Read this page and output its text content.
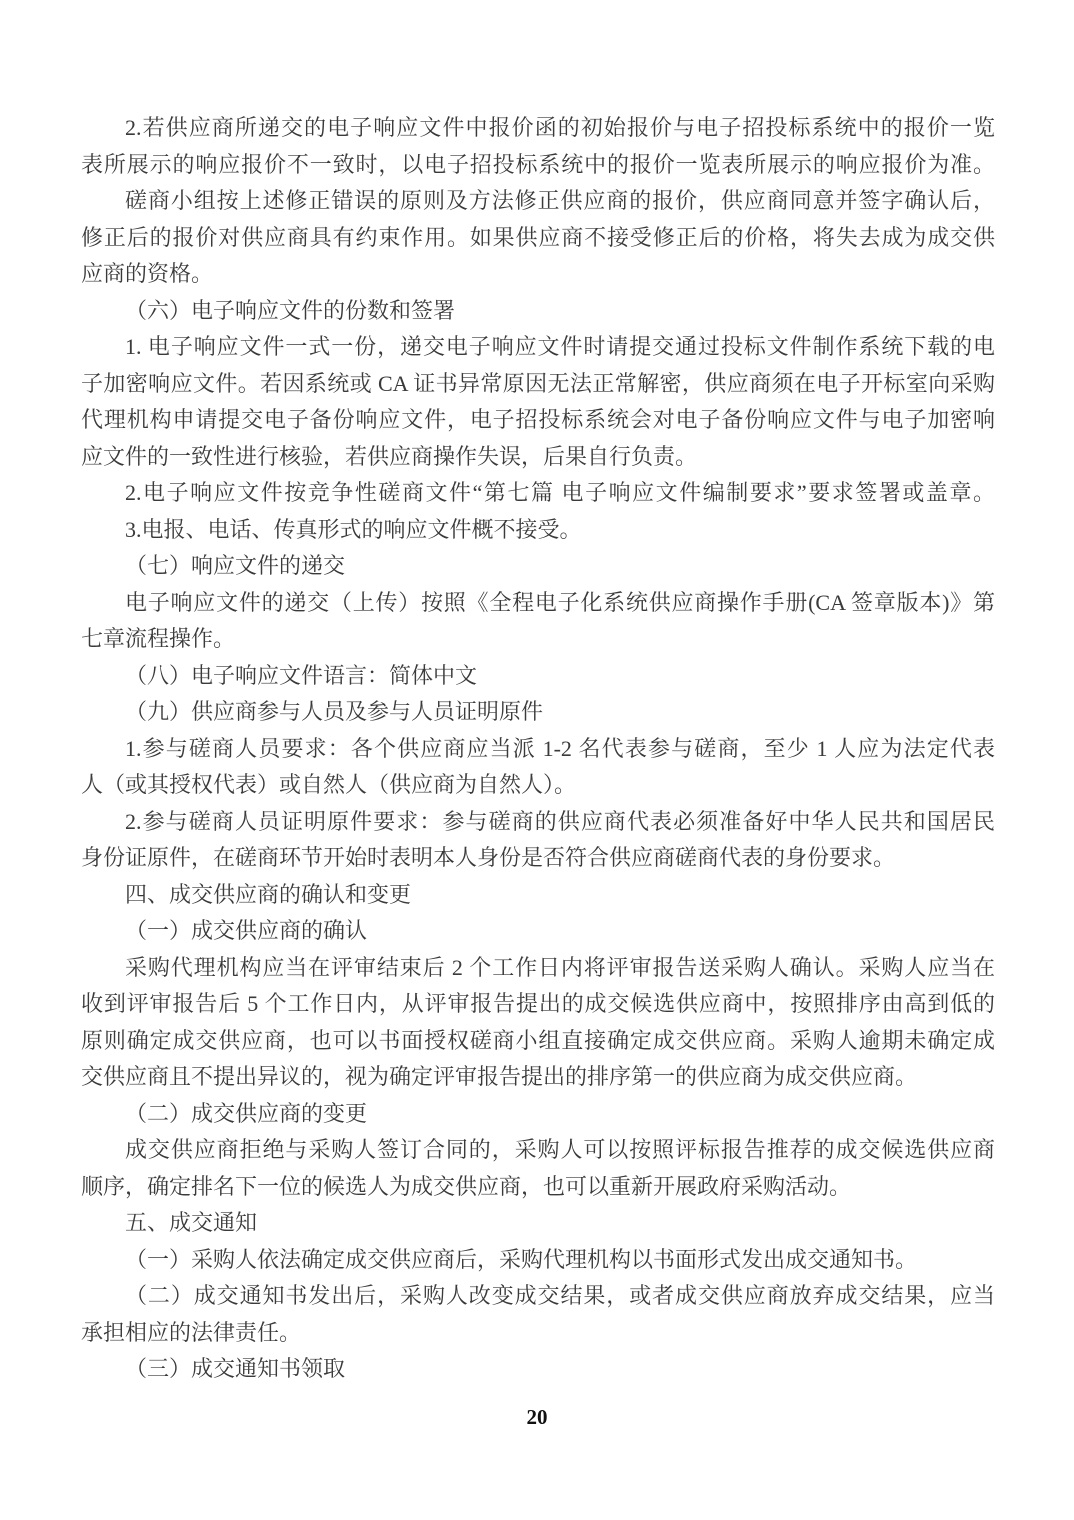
2.若供应商所递交的电子响应文件中报价函的初始报价与电子招投标系统中的报价一览
表所展示的响应报价不一致时，以电子招投标系统中的报价一览表所展示的响应报价为准。
磋商小组按上述修正错误的原则及方法修正供应商的报价，供应商同意并签字确认后，
修正后的报价对供应商具有约束作用。如果供应商不接受修正后的价格，将失去成为成交供
应商的资格。
（六）电子响应文件的份数和签署
1. 电子响应文件一式一份，递交电子响应文件时请提交通过投标文件制作系统下载的电
子加密响应文件。若因系统或 CA 证书异常原因无法正常解密，供应商须在电子开标室向采购
代理机构申请提交电子备份响应文件，电子招投标系统会对电子备份响应文件与电子加密响
应文件的一致性进行核验，若供应商操作失误，后果自行负责。
2.电子响应文件按竞争性磋商文件“第七篇 电子响应文件编制要求”要求签署或盖章。
3.电报、电话、传真形式的响应文件概不接受。
（七）响应文件的递交
电子响应文件的递交（上传）按照《全程电子化系统供应商操作手册(CA 签章版本)》第
七章流程操作。
（八）电子响应文件语言：简体中文
（九）供应商参与人员及参与人员证明原件
1.参与磋商人员要求：各个供应商应当派 1-2 名代表参与磋商，至少 1 人应为法定代表
人（或其授权代表）或自然人（供应商为自然人）。
2.参与磋商人员证明原件要求：参与磋商的供应商代表必须准备好中华人民共和国居民
身份证原件，在磋商环节开始时表明本人身份是否符合供应商磋商代表的身份要求。
四、成交供应商的确认和变更
（一）成交供应商的确认
采购代理机构应当在评审结束后 2 个工作日内将评审报告送采购人确认。采购人应当在
收到评审报告后 5 个工作日内，从评审报告提出的成交候选供应商中，按照排序由高到低的
原则确定成交供应商，也可以书面授权磋商小组直接确定成交供应商。采购人逾期未确定成
交供应商且不提出异议的，视为确定评审报告提出的排序第一的供应商为成交供应商。
（二）成交供应商的变更
成交供应商拒绝与采购人签订合同的，采购人可以按照评标报告推荐的成交候选供应商
顺序，确定排名下一位的候选人为成交供应商，也可以重新开展政府采购活动。
五、成交通知
（一）采购人依法确定成交供应商后，采购代理机构以书面形式发出成交通知书。
（二）成交通知书发出后，采购人改变成交结果，或者成交供应商放弃成交结果，应当
承担相应的法律责任。
（三）成交通知书领取
20
